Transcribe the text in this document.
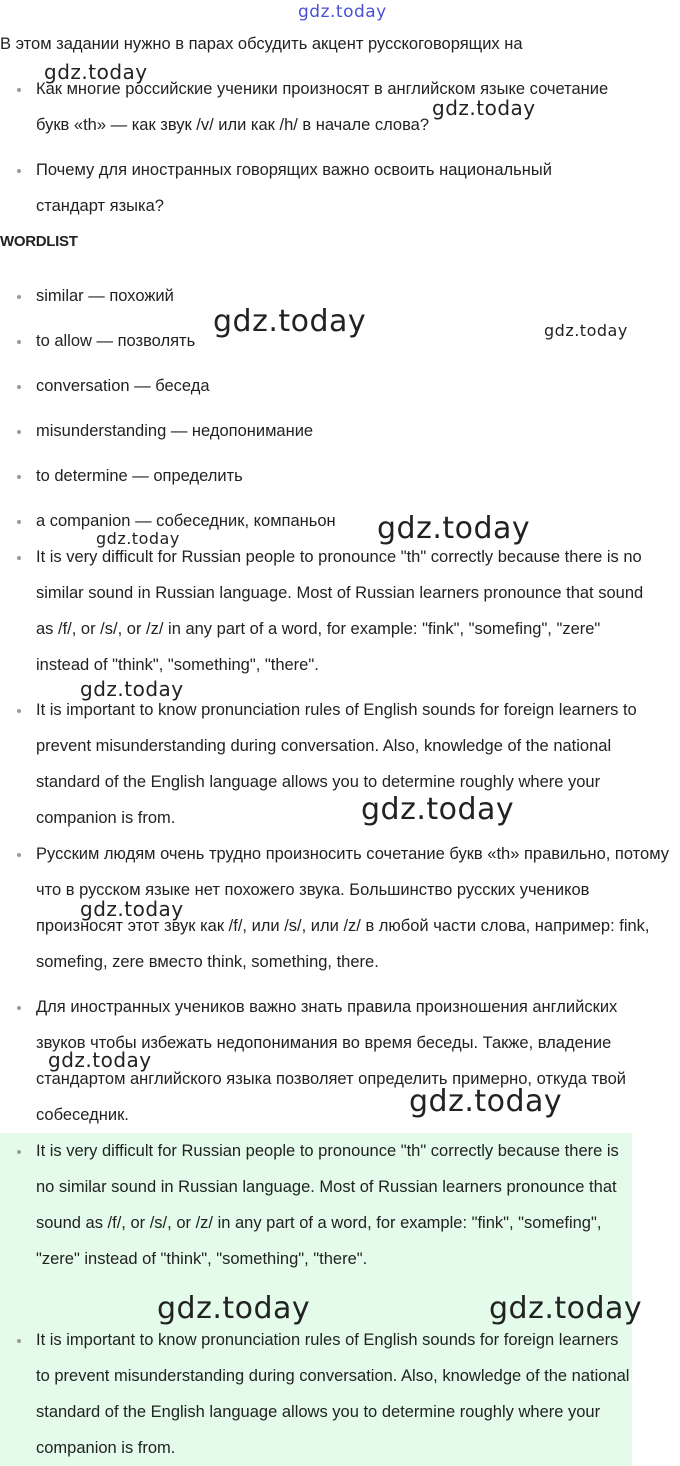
gdz.today
В этом задании нужно в парах обсудить акцент русскоговорящих на
Как многие российские ученики произносят в английском языке сочетание букв «th» — как звук /v/ или как /h/ в начале слова?
Почему для иностранных говорящих важно освоить национальный стандарт языка?
WORDLIST
similar — похожий
to allow — позволять
conversation — беседа
misunderstanding — недопонимание
to determine — определить
a companion — собеседник, компаньон
It is very difficult for Russian people to pronounce "th" correctly because there is no similar sound in Russian language. Most of Russian learners pronounce that sound as /f/, or /s/, or /z/ in any part of a word, for example: "fink", "somefing", "zere" instead of "think", "something", "there".
It is important to know pronunciation rules of English sounds for foreign learners to prevent misunderstanding during conversation. Also, knowledge of the national standard of the English language allows you to determine roughly where your companion is from.
Русским людям очень трудно произносить сочетание букв «th» правильно, потому что в русском языке нет похожего звука. Большинство русских учеников произносят этот звук как /f/, или /s/, или /z/ в любой части слова, например: fink, somefing, zere вместо think, something, there.
Для иностранных учеников важно знать правила произношения английских звуков чтобы избежать недопонимания во время беседы. Также, владение стандартом английского языка позволяет определить примерно, откуда твой собеседник.
It is very difficult for Russian people to pronounce "th" correctly because there is no similar sound in Russian language. Most of Russian learners pronounce that sound as /f/, or /s/, or /z/ in any part of a word, for example: "fink", "somefing", "zere" instead of "think", "something", "there".
It is important to know pronunciation rules of English sounds for foreign learners to prevent misunderstanding during conversation. Also, knowledge of the national standard of the English language allows you to determine roughly where your companion is from.
gdz.today
gdz.today
gdz.today	gdz.today
gdz.today
gdz.today
gdz.today
gdz.today
gdz.today
gdz.today
gdz.today
gdz.today	gdz.today
